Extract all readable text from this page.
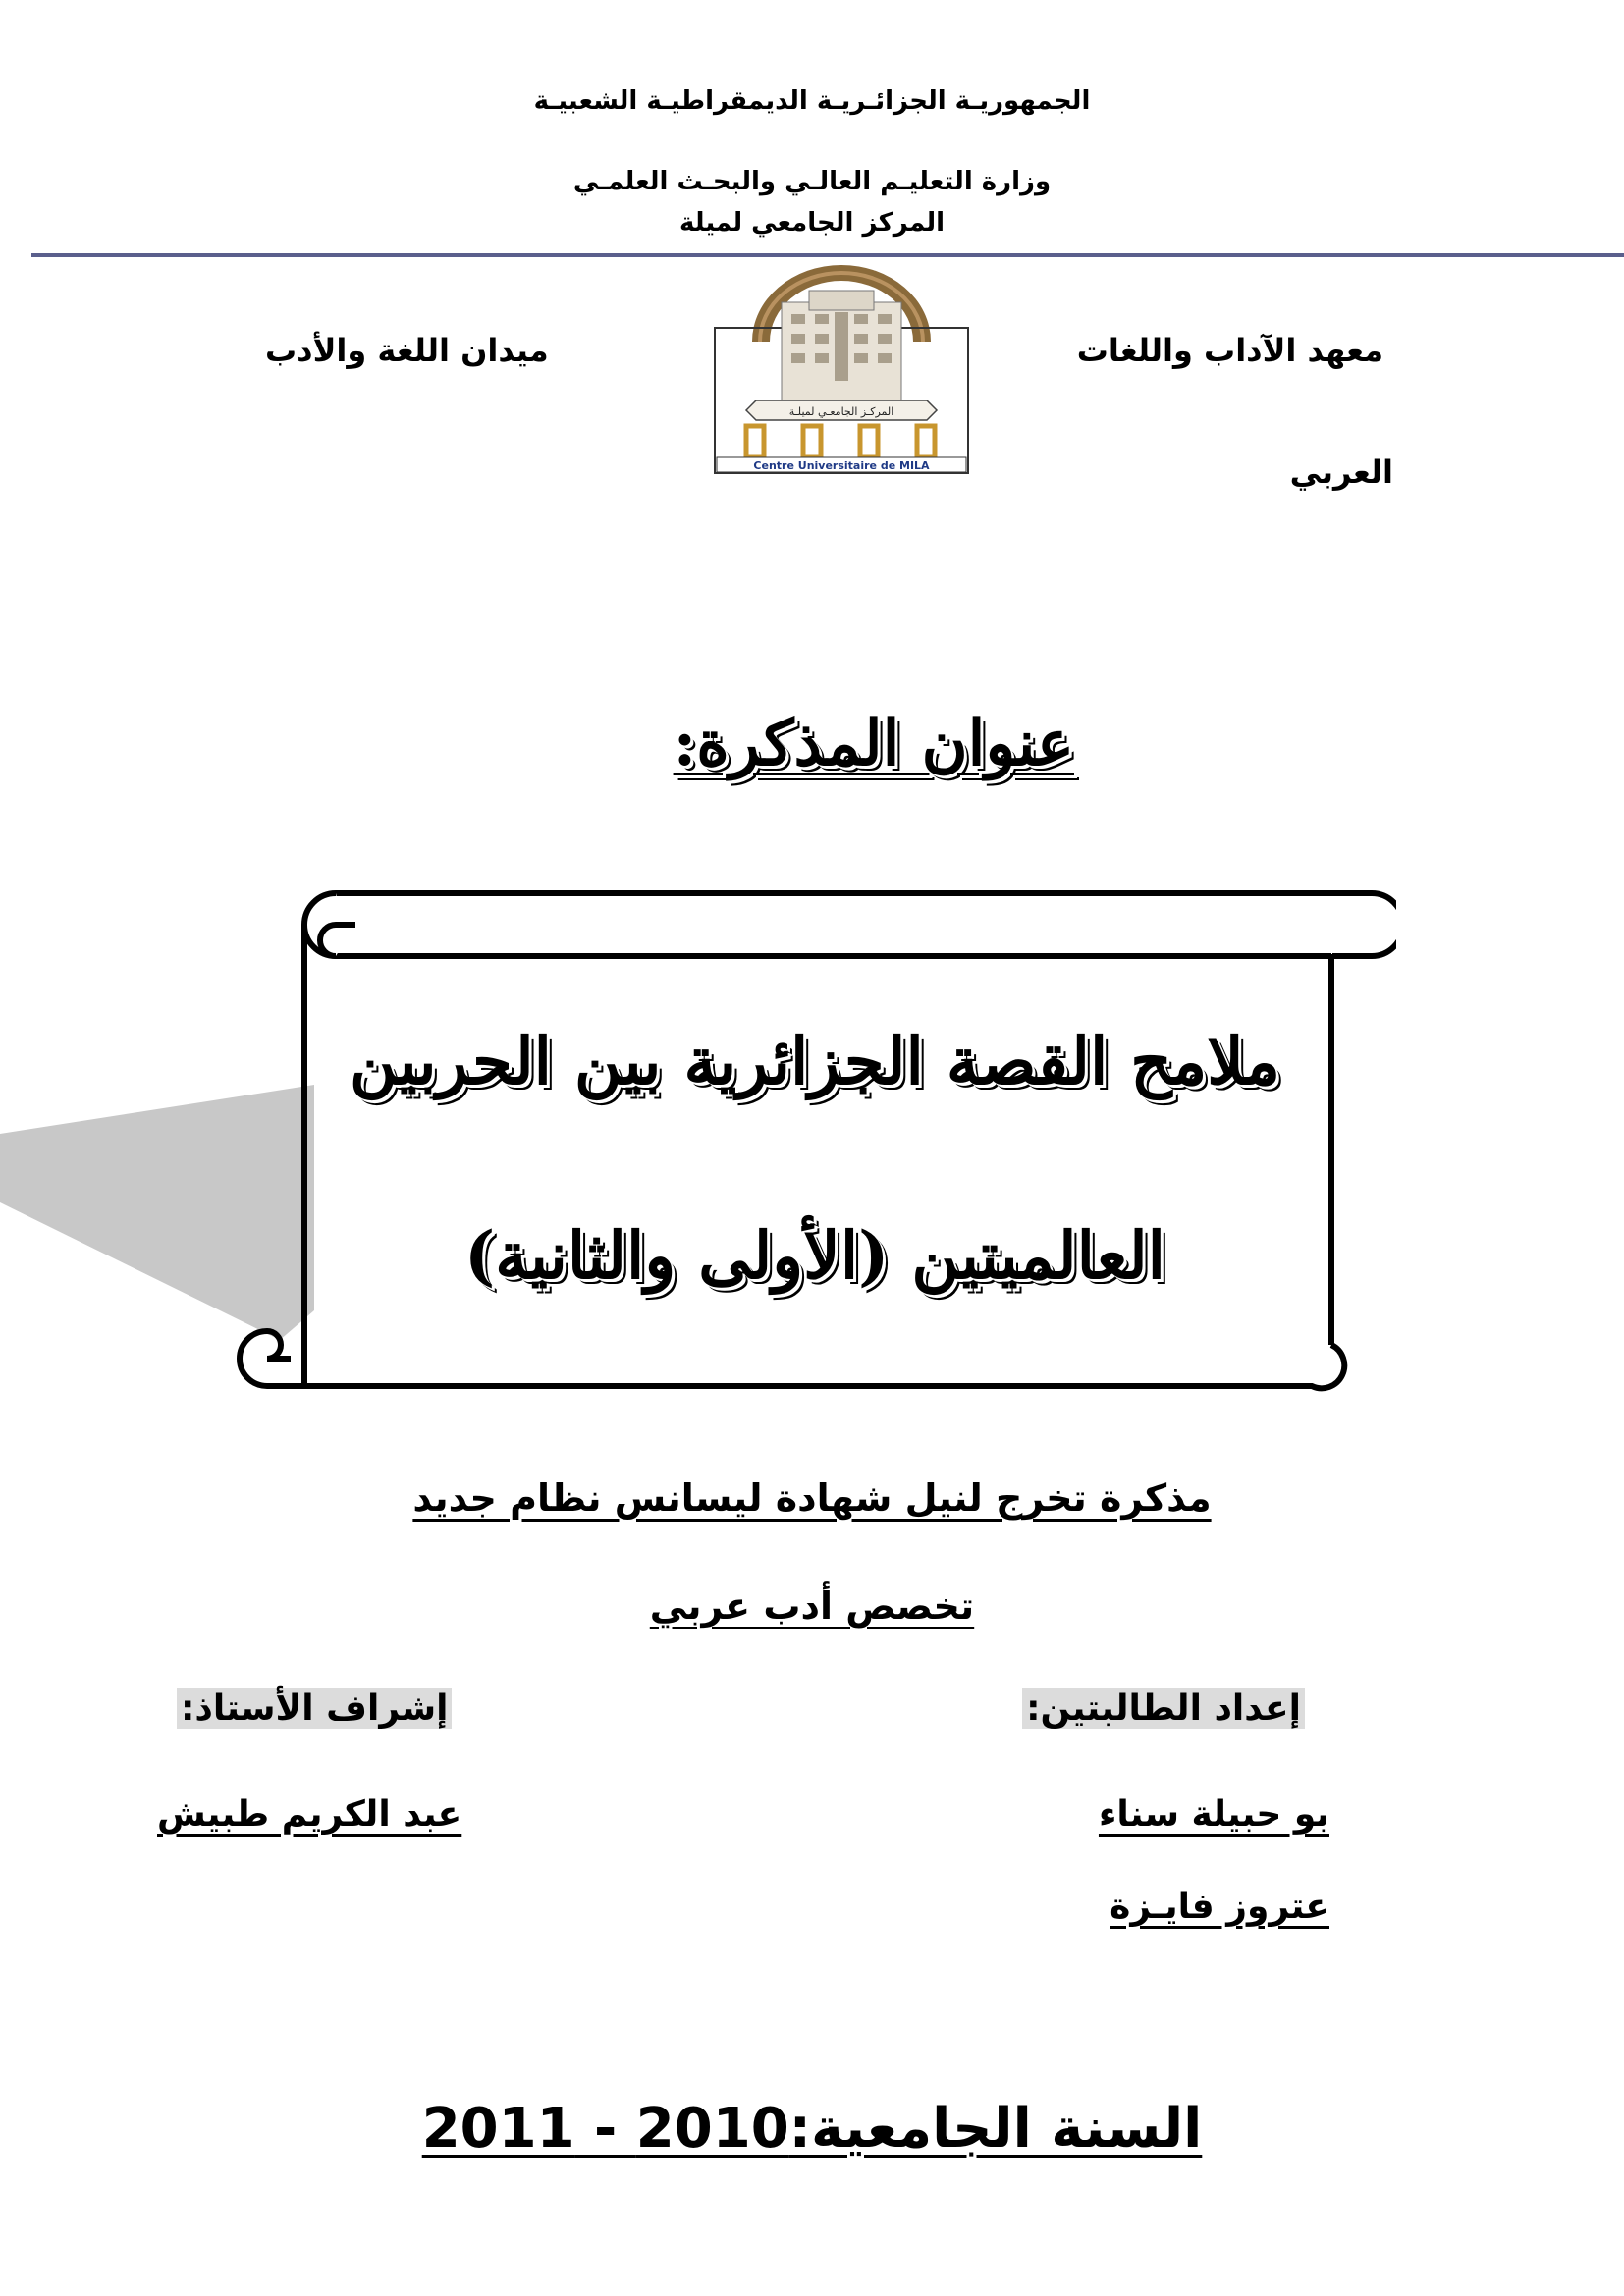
الجمهوريـة الجزائـريـة الديمقراطيـة الشعبيـة
وزارة التعليـم العالـي والبحـث العلمـي
المركز الجامعي لميلة
معهد الآداب واللغات
العربي
ميدان اللغة والأدب
المركـز الجامعـي لميلـة
Centre Universitaire de MILA
عنوان المذكرة:
ملامح القصة الجزائرية بين الحربين
العالميتين (الأولى والثانية)
مذكرة تخرج لنيل شهادة ليسانس نظام جديد
تخصص أدب عربي
إعداد الطالبتين:
بو حبيلة سناء
عتروز فايـزة
إشراف الأستاذ:
عبد الكريم طبيش
السنة الجامعية:2010 - 2011
